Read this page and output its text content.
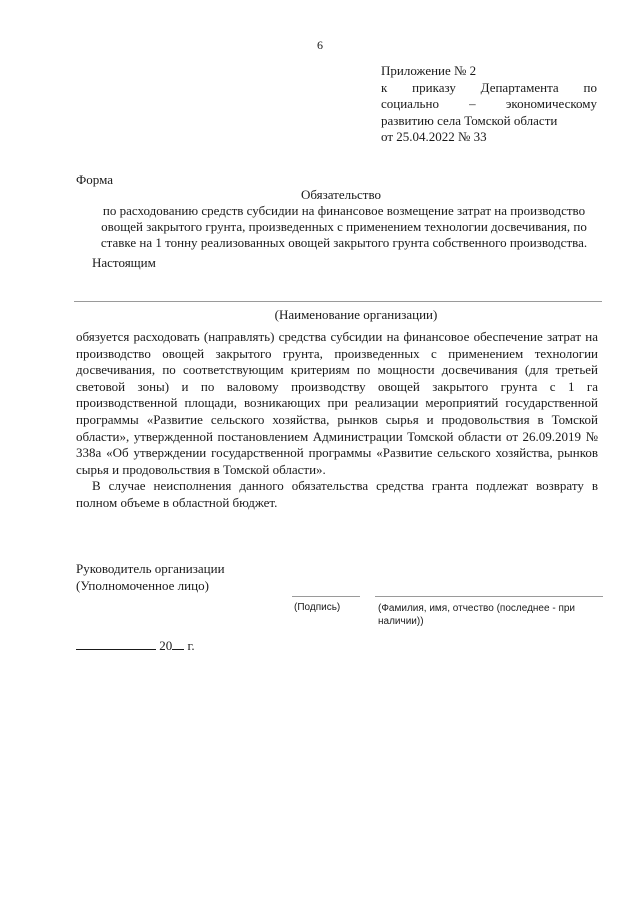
6
Приложение № 2
к приказу Департамента по
социально – экономическому
развитию села Томской области
от 25.04.2022 № 33
Форма
Обязательство
по расходованию средств субсидии на финансовое возмещение затрат на производство
овощей закрытого грунта, произведенных с применением технологии досвечивания, по
ставке на 1 тонну реализованных овощей закрытого грунта собственного производства.
Настоящим
(Наименование организации)

обязуется расходовать (направлять) средства субсидии на финансовое обеспечение затрат на производство овощей закрытого грунта, произведенных с применением технологии досвечивания, по соответствующим критериям по мощности досвечивания (для третьей световой зоны) и по валовому производству овощей закрытого грунта с 1 га производственной площади, возникающих при реализации мероприятий государственной программы «Развитие сельского хозяйства, рынков сырья и продовольствия в Томской области», утвержденной постановлением Администрации Томской области от 26.09.2019 № 338а «Об утверждении государственной программы «Развитие сельского хозяйства, рынков сырья и продовольствия в Томской области».

В случае неисполнения данного обязательства средства гранта подлежат возврату в полном объеме в областной бюджет.

Руководитель организации
(Уполномоченное лицо)
(Подпись)	(Фамилия, имя, отчество (последнее - при наличии))
20 г.
